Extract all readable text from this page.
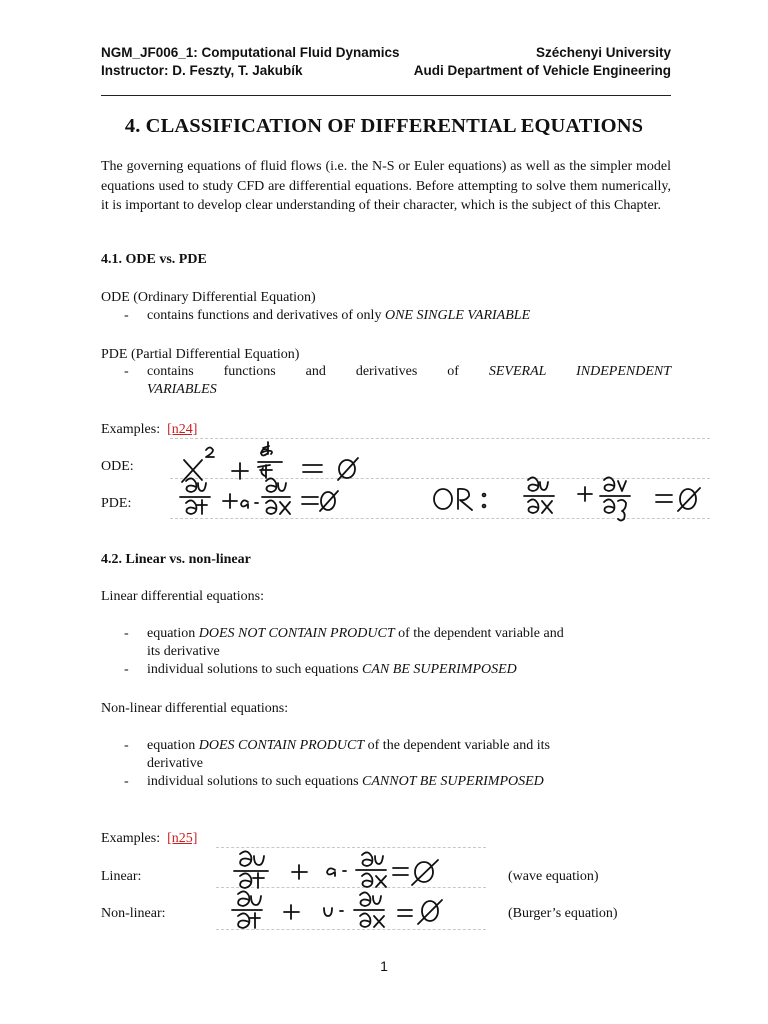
NGM_JF006_1: Computational Fluid Dynamics	Széchenyi University
Instructor: D. Feszty, T. Jakubík	Audi Department of Vehicle Engineering
4. CLASSIFICATION OF DIFFERENTIAL EQUATIONS
The governing equations of fluid flows (i.e. the N-S or Euler equations) as well as the simpler model equations used to study CFD are differential equations. Before attempting to solve them numerically, it is important to develop clear understanding of their character, which is the subject of this Chapter.
4.1. ODE vs. PDE
ODE (Ordinary Differential Equation)
- contains functions and derivatives of only ONE SINGLE VARIABLE
PDE (Partial Differential Equation)
- contains functions and derivatives of SEVERAL INDEPENDENT
VARIABLES
Examples: [n24]
ODE:
PDE:
4.2. Linear vs. non-linear
Linear differential equations:
- equation DOES NOT CONTAIN PRODUCT of the dependent variable and
its derivative
- individual solutions to such equations CAN BE SUPERIMPOSED
Non-linear differential equations:
- equation DOES CONTAIN PRODUCT of the dependent variable and its
derivative
- individual solutions to such equations CANNOT BE SUPERIMPOSED
Examples: [n25]
Linear:
Non-linear:
(wave equation)
(Burger’s equation)
1
